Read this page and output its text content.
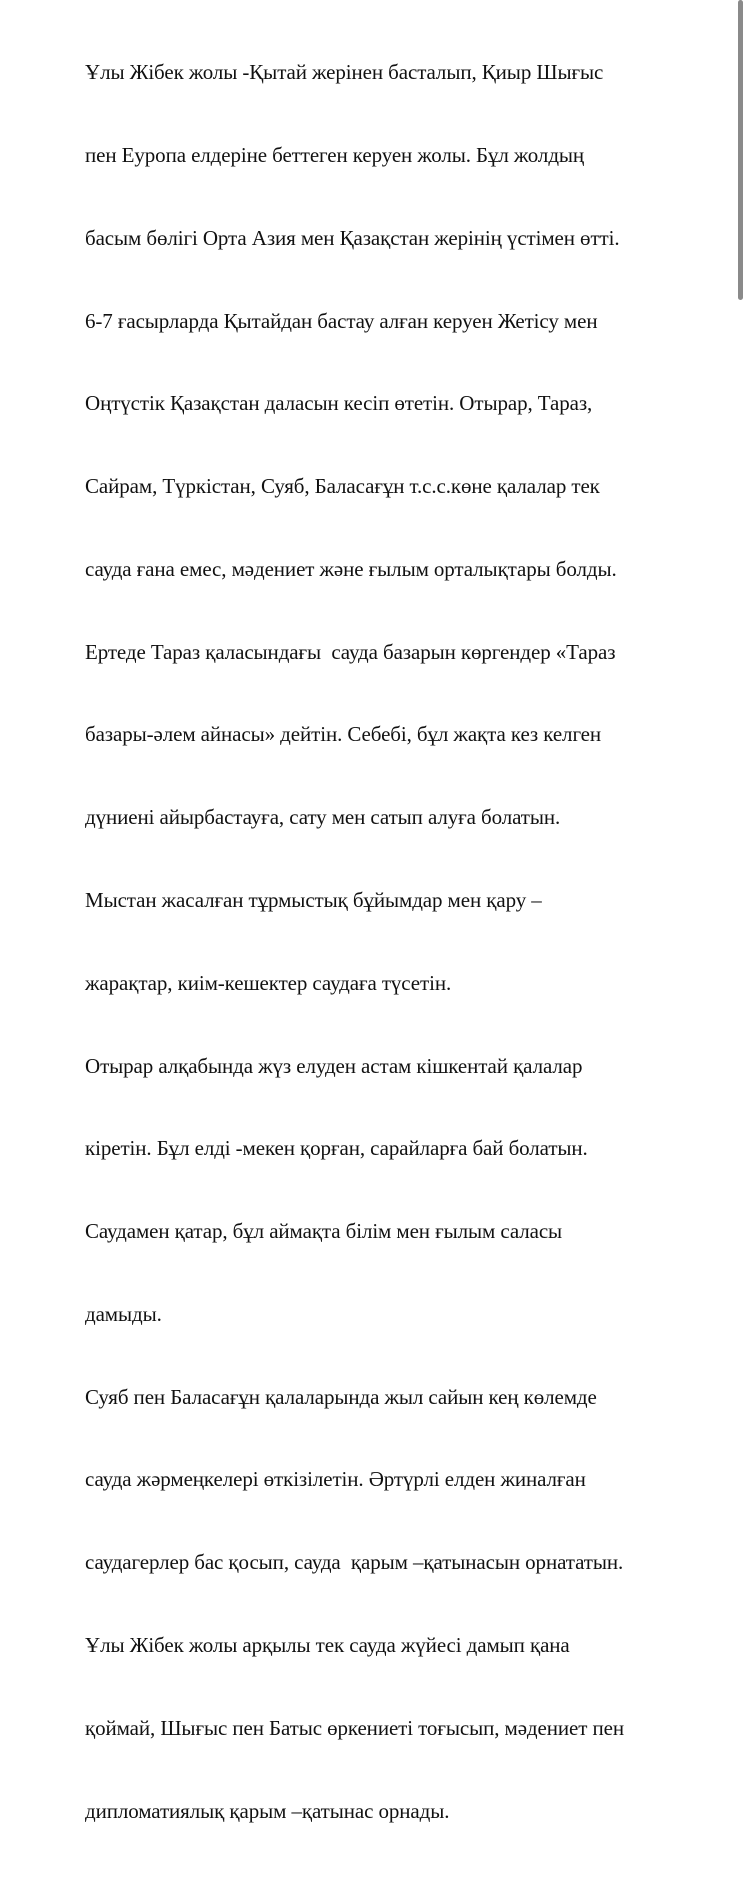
Ұлы Жібек жолы -Қытай жерінен басталып, Қиыр Шығыс

пен Еуропа елдеріне беттеген керуен жолы. Бұл жолдың

басым бөлігі Орта Азия мен Қазақстан жерінің үстімен өтті.

6-7 ғасырларда Қытайдан бастау алған керуен Жетісу мен

Оңтүстік Қазақстан даласын кесіп өтетін. Отырар, Тараз,

Сайрам, Түркістан, Суяб, Баласағұн т.с.с.көне қалалар тек

сауда ғана емес, мәдениет және ғылым орталықтары болды.

Ертеде Тараз қаласындағы  сауда базарын көргендер «Тараз

базары-әлем айнасы» дейтін. Себебі, бұл жақта кез келген

дүниені айырбастауға, сату мен сатып алуға болатын.

Мыстан жасалған тұрмыстық бұйымдар мен қару –

жарақтар, киім-кешектер саудаға түсетін.

Отырар алқабында жүз елуден астам кішкентай қалалар

кіретін. Бұл елді -мекен қорған, сарайларға бай болатын.

Саудамен қатар, бұл аймақта білім мен ғылым саласы

дамыды.

Суяб пен Баласағұн қалаларында жыл сайын кең көлемде

сауда жәрмеңкелері өткізілетін. Әртүрлі елден жиналған

саудагерлер бас қосып, сауда  қарым –қатынасын орнататын.

Ұлы Жібек жолы арқылы тек сауда жүйесі дамып қана

қоймай, Шығыс пен Батыс өркениеті тоғысып, мәдениет пен

дипломатиялық қарым –қатынас орнады.
